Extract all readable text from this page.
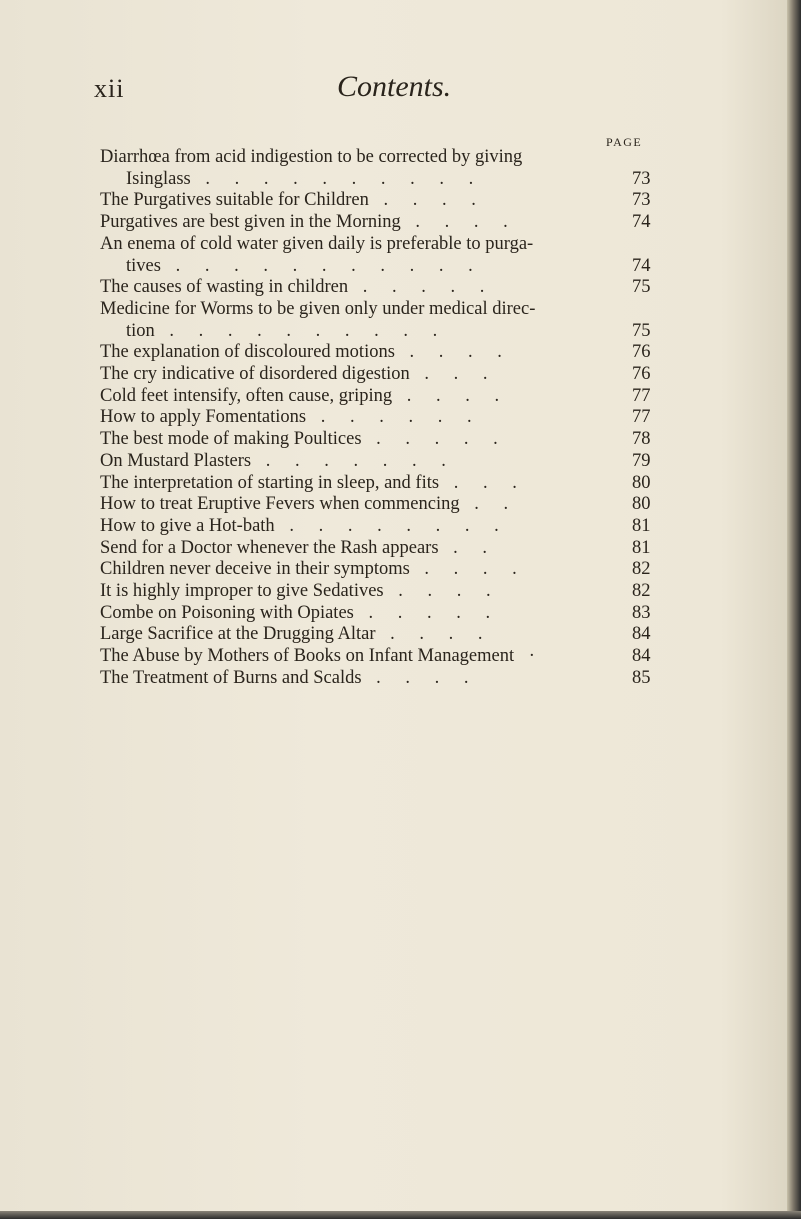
xii	Contents.
PAGE
Diarrhœa from acid indigestion to be corrected by giving
Isinglass . . . . . . . . . .	73
The Purgatives suitable for Children . . . .	73
Purgatives are best given in the Morning . . . .	74
An enema of cold water given daily is preferable to purga-
tives . . . . . . . . . . .	74
The causes of wasting in children . . . . .	75
Medicine for Worms to be given only under medical direc-
tion . . . . . . . . . .	75
The explanation of discoloured motions . . . .	76
The cry indicative of disordered digestion . . .	76
Cold feet intensify, often cause, griping . . . .	77
How to apply Fomentations . . . . . .	77
The best mode of making Poultices . . . . .	78
On Mustard Plasters . . . . . . .	79
The interpretation of starting in sleep, and fits . . .	80
How to treat Eruptive Fevers when commencing . .	80
How to give a Hot-bath . . . . . . . .	81
Send for a Doctor whenever the Rash appears . .	81
Children never deceive in their symptoms . . . .	82
It is highly improper to give Sedatives . . . .	82
Combe on Poisoning with Opiates . . . . .	83
Large Sacrifice at the Drugging Altar . . . .	84
The Abuse by Mothers of Books on Infant Management ·	84
The Treatment of Burns and Scalds . . . .	85
